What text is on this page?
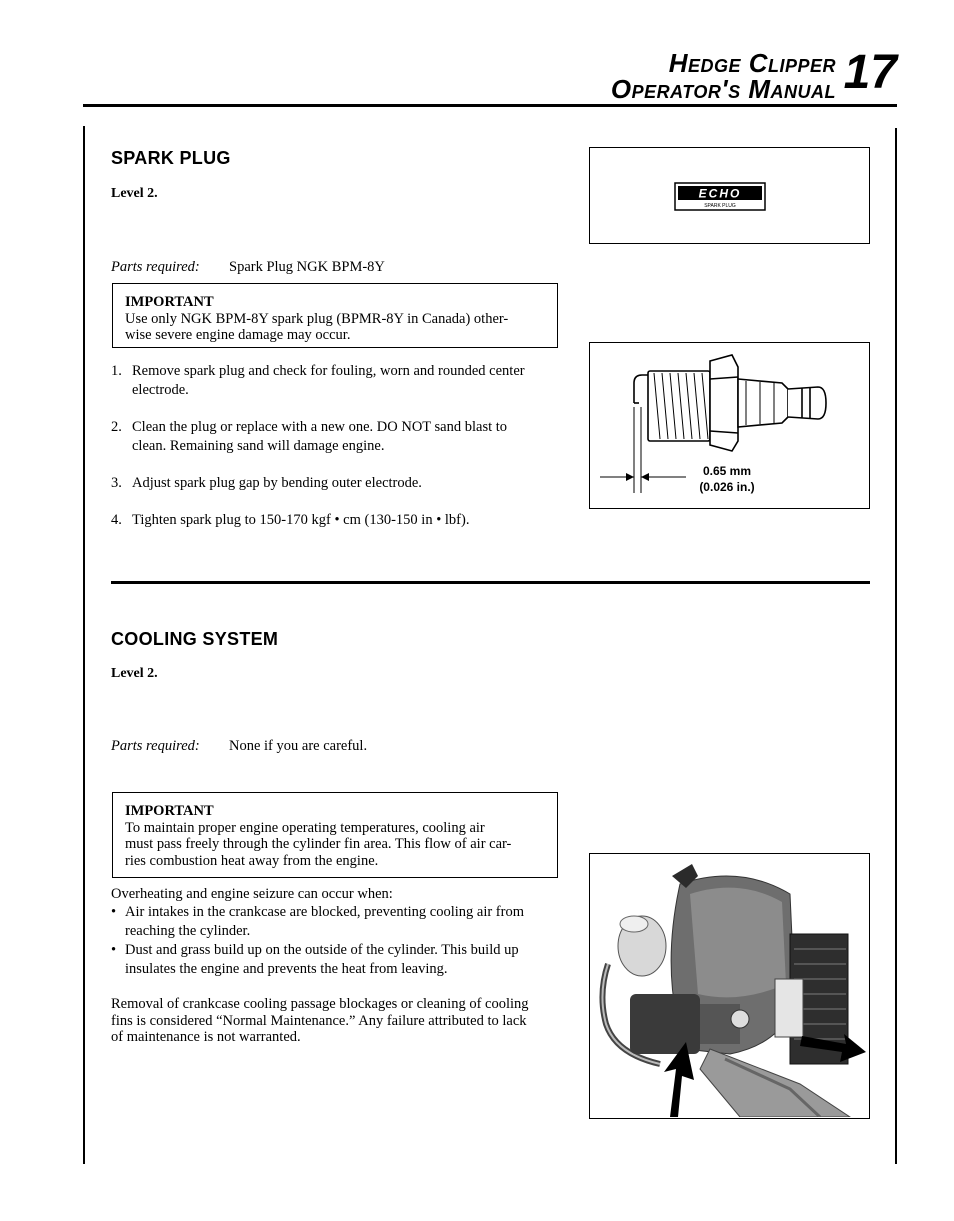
Hedge Clipper
Operator's Manual 17
SPARK PLUG
Level 2.
Parts required: Spark Plug NGK BPM-8Y
IMPORTANT
Use only NGK BPM-8Y spark plug (BPMR-8Y in Canada) other-
wise severe engine damage may occur.
1. Remove spark plug and check for fouling, worn and rounded center
electrode.
2. Clean the plug or replace with a new one. DO NOT sand blast to
clean. Remaining sand will damage engine.
3. Adjust spark plug gap by bending outer electrode.
4. Tighten spark plug to 150-170 kgf • cm (130-150 in • lbf).
ECHO
SPARK PLUG
0.65 mm
(0.026 in.)
COOLING SYSTEM
Level 2.
Parts required: None if you are careful.
IMPORTANT
To maintain proper engine operating temperatures, cooling air
must pass freely through the cylinder fin area. This flow of air car-
ries combustion heat away from the engine.

Overheating and engine seizure can occur when:

• Air intakes in the crankcase are blocked, preventing cooling air from
reaching the cylinder.
• Dust and grass build up on the outside of the cylinder. This build up
insulates the engine and prevents the heat from leaving.
Removal of crankcase cooling passage blockages or cleaning of cooling
fins is considered “Normal Maintenance.” Any failure attributed to lack
of maintenance is not warranted.
